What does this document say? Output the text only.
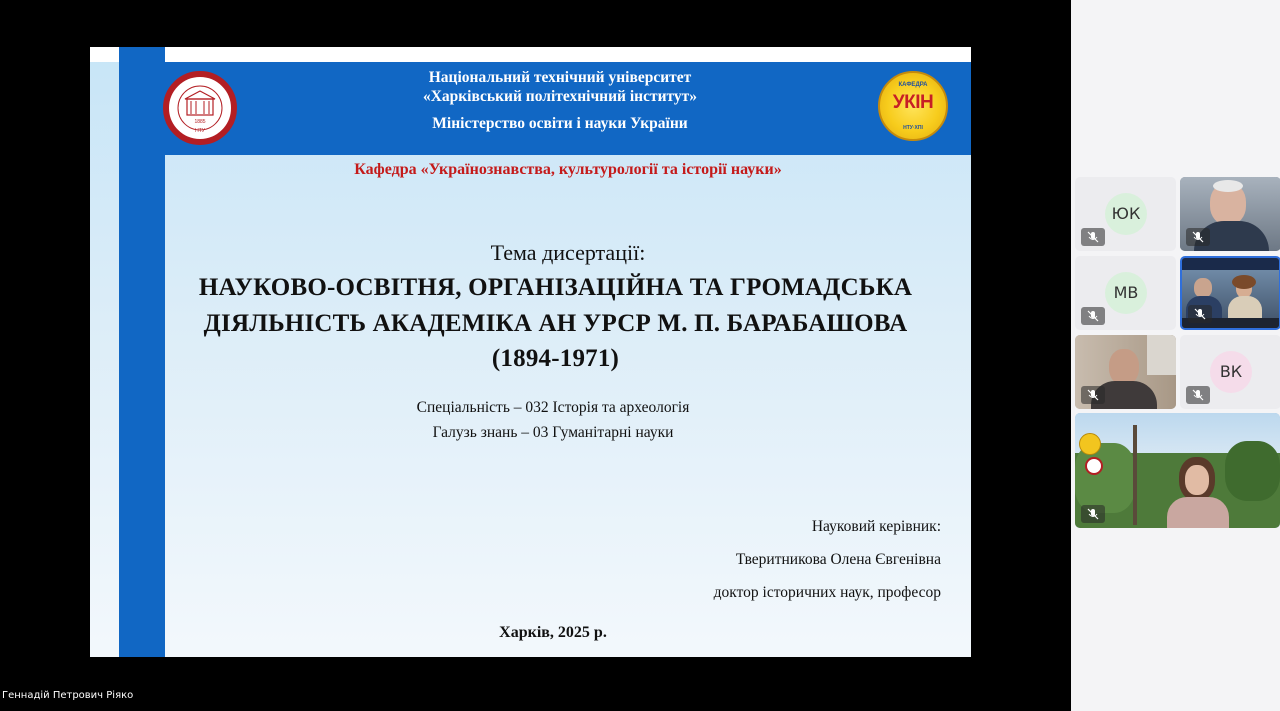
Національний технічний університет
«Харківський політехнічний інститут»
Міністерство освіти і науки України
1885
НТУ
КАФЕДРА
УКІН
НТУ·ХПІ
Кафедра «Українознавства, культурології та історії науки»
Тема дисертації:
НАУКОВО-ОСВІТНЯ, ОРГАНІЗАЦІЙНА ТА ГРОМАДСЬКА
ДІЯЛЬНІСТЬ АКАДЕМІКА АН УРСР М. П. БАРАБАШОВА
(1894-1971)
Спеціальність – 032 Історія та археологія
Галузь знань – 03 Гуманітарні науки
Науковий керівник:
Тверитникова Олена Євгенівна
доктор історичних наук, професор
Харків, 2025 р.
Геннадій Петрович Ріяко
ЮК
МВ
ВК
